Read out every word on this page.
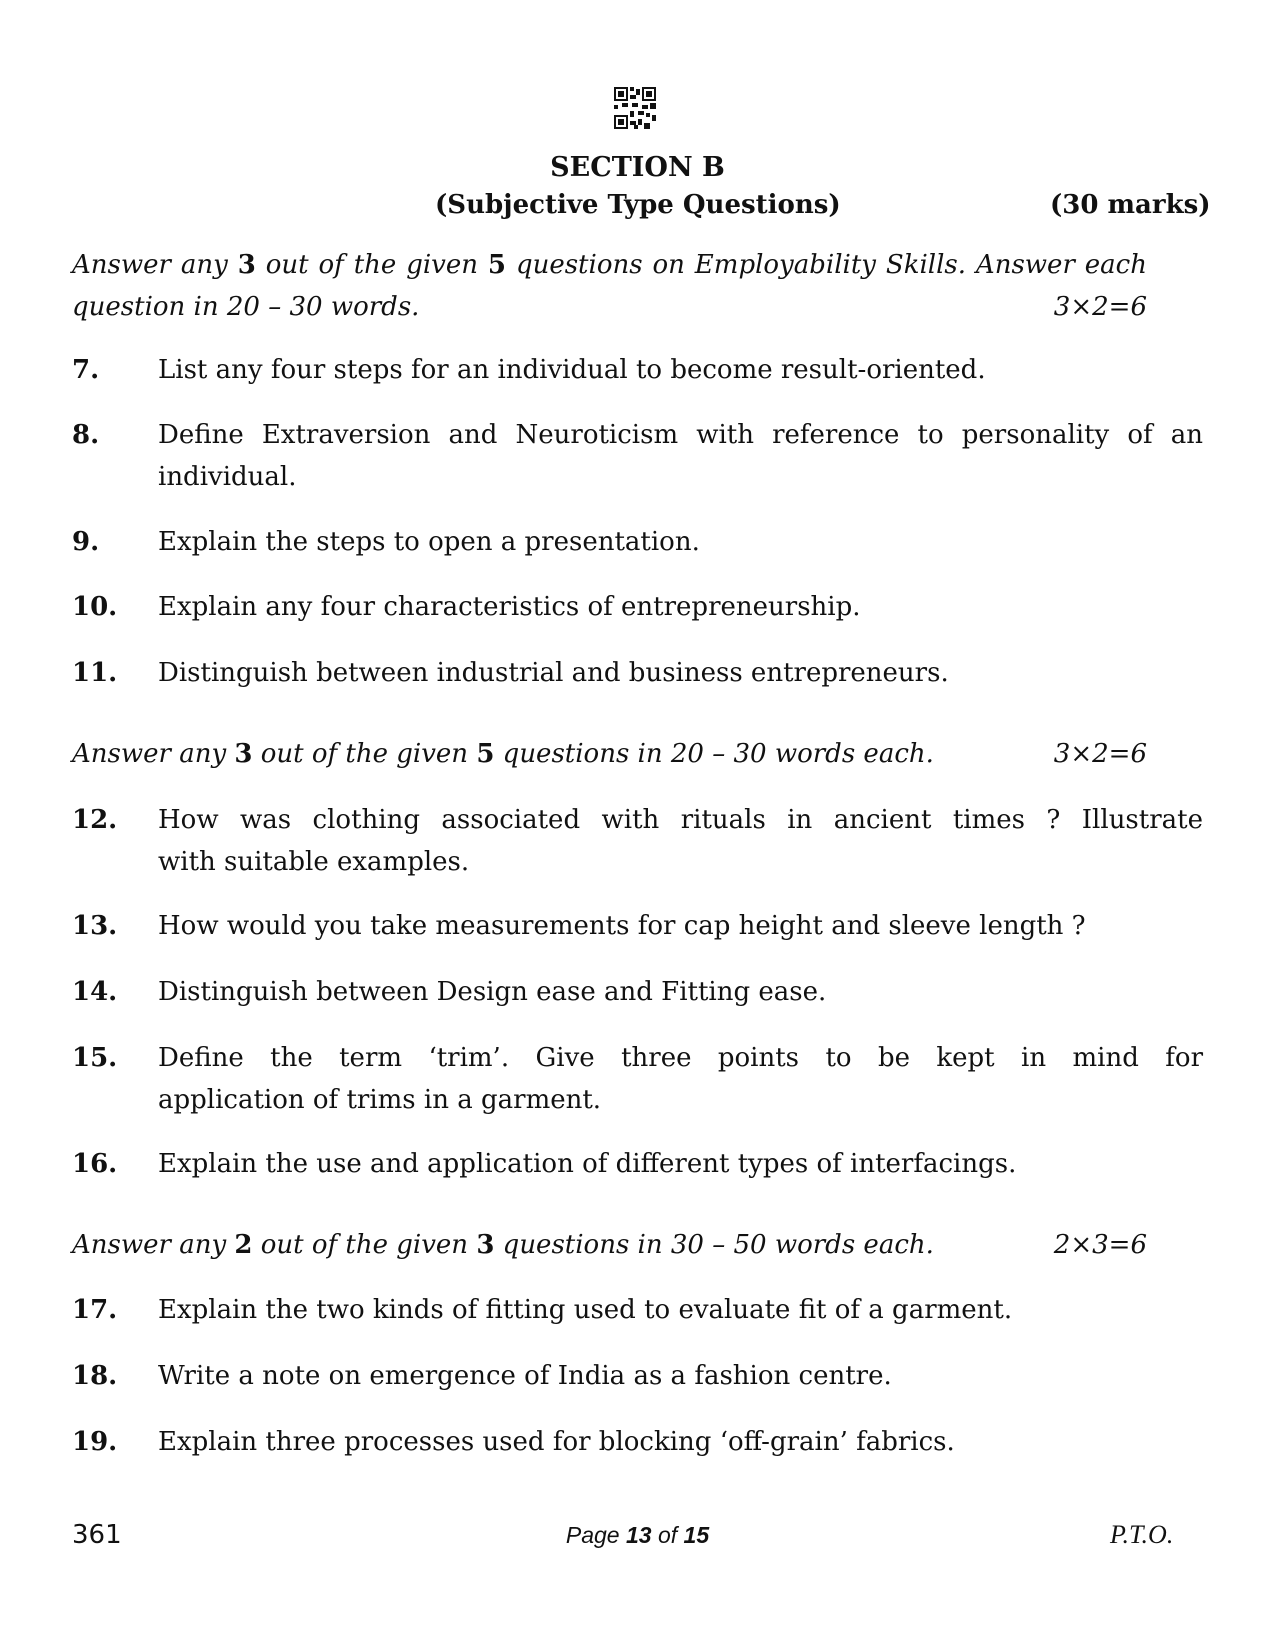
SECTION B
(Subjective Type Questions)	(30 marks)
Answer any 3 out of the given 5 questions on Employability Skills. Answer each
question in 20 – 30 words.	3×2=6
7. List any four steps for an individual to become result-oriented.
8. Define Extraversion and Neuroticism with reference to personality of an
individual.
9. Explain the steps to open a presentation.
10. Explain any four characteristics of entrepreneurship.
11. Distinguish between industrial and business entrepreneurs.
Answer any 3 out of the given 5 questions in 20 – 30 words each.	3×2=6
12. How was clothing associated with rituals in ancient times ? Illustrate
with suitable examples.
13. How would you take measurements for cap height and sleeve length ?
14. Distinguish between Design ease and Fitting ease.
15. Define the term ‘trim’. Give three points to be kept in mind for
application of trims in a garment.
16. Explain the use and application of different types of interfacings.
Answer any 2 out of the given 3 questions in 30 – 50 words each.	2×3=6
17. Explain the two kinds of fitting used to evaluate fit of a garment.
18. Write a note on emergence of India as a fashion centre.
19. Explain three processes used for blocking ‘off-grain’ fabrics.
361	Page 13 of 15	P.T.O.
